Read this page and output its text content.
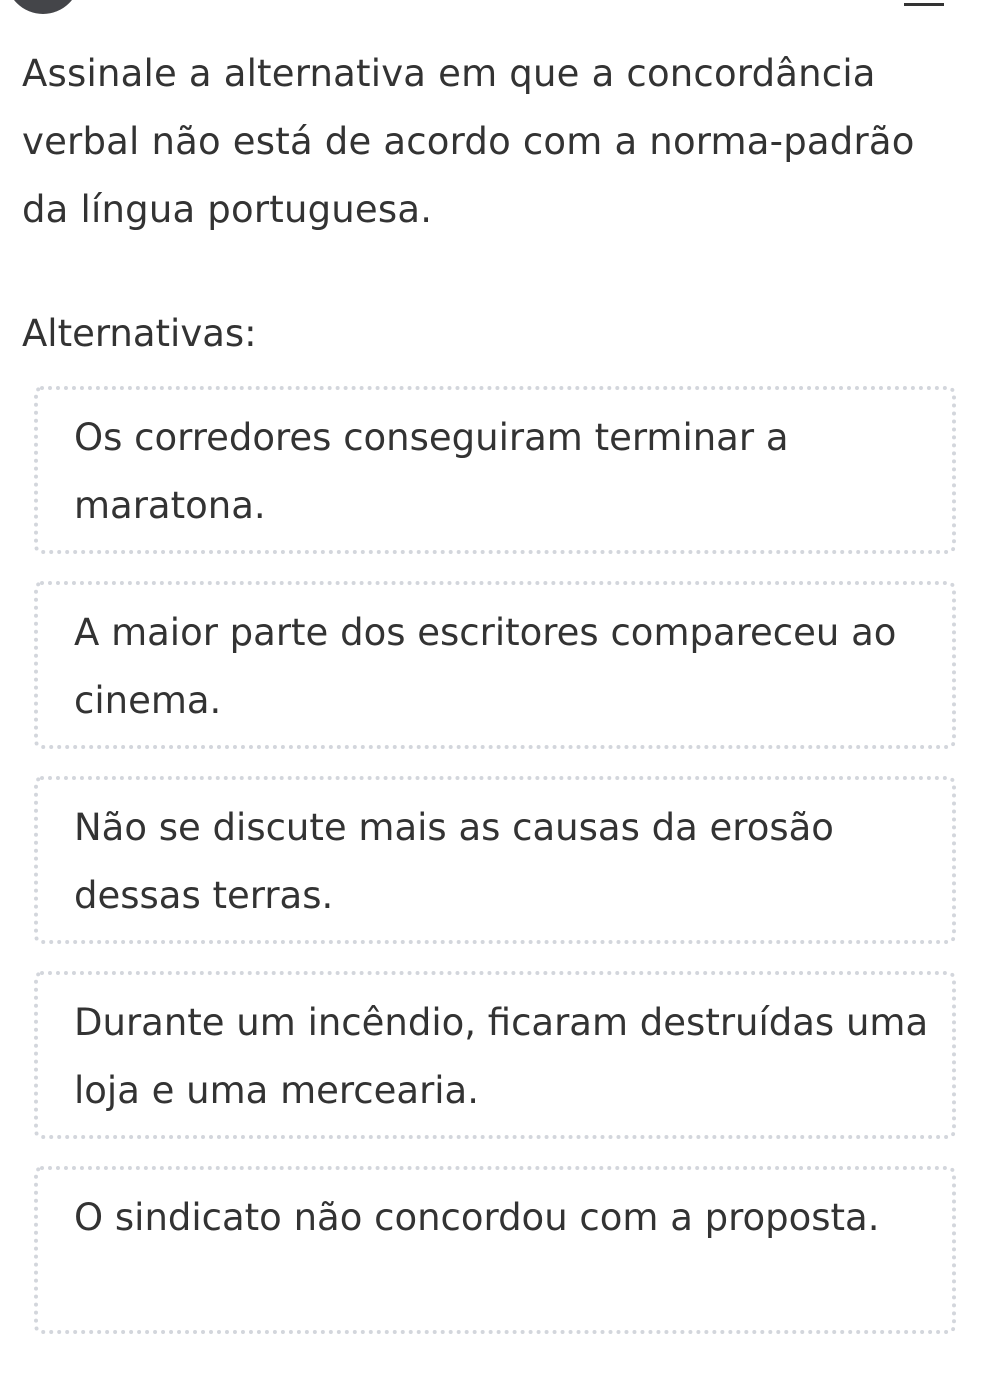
Assinale a alternativa em que a concordância verbal não está de acordo com a norma-padrão da língua portuguesa.

Alternativas:
Os corredores conseguiram terminar a maratona.
A maior parte dos escritores compareceu ao cinema.
Não se discute mais as causas da erosão dessas terras.
Durante um incêndio, ficaram destruídas uma loja e uma mercearia.
O sindicato não concordou com a proposta.
